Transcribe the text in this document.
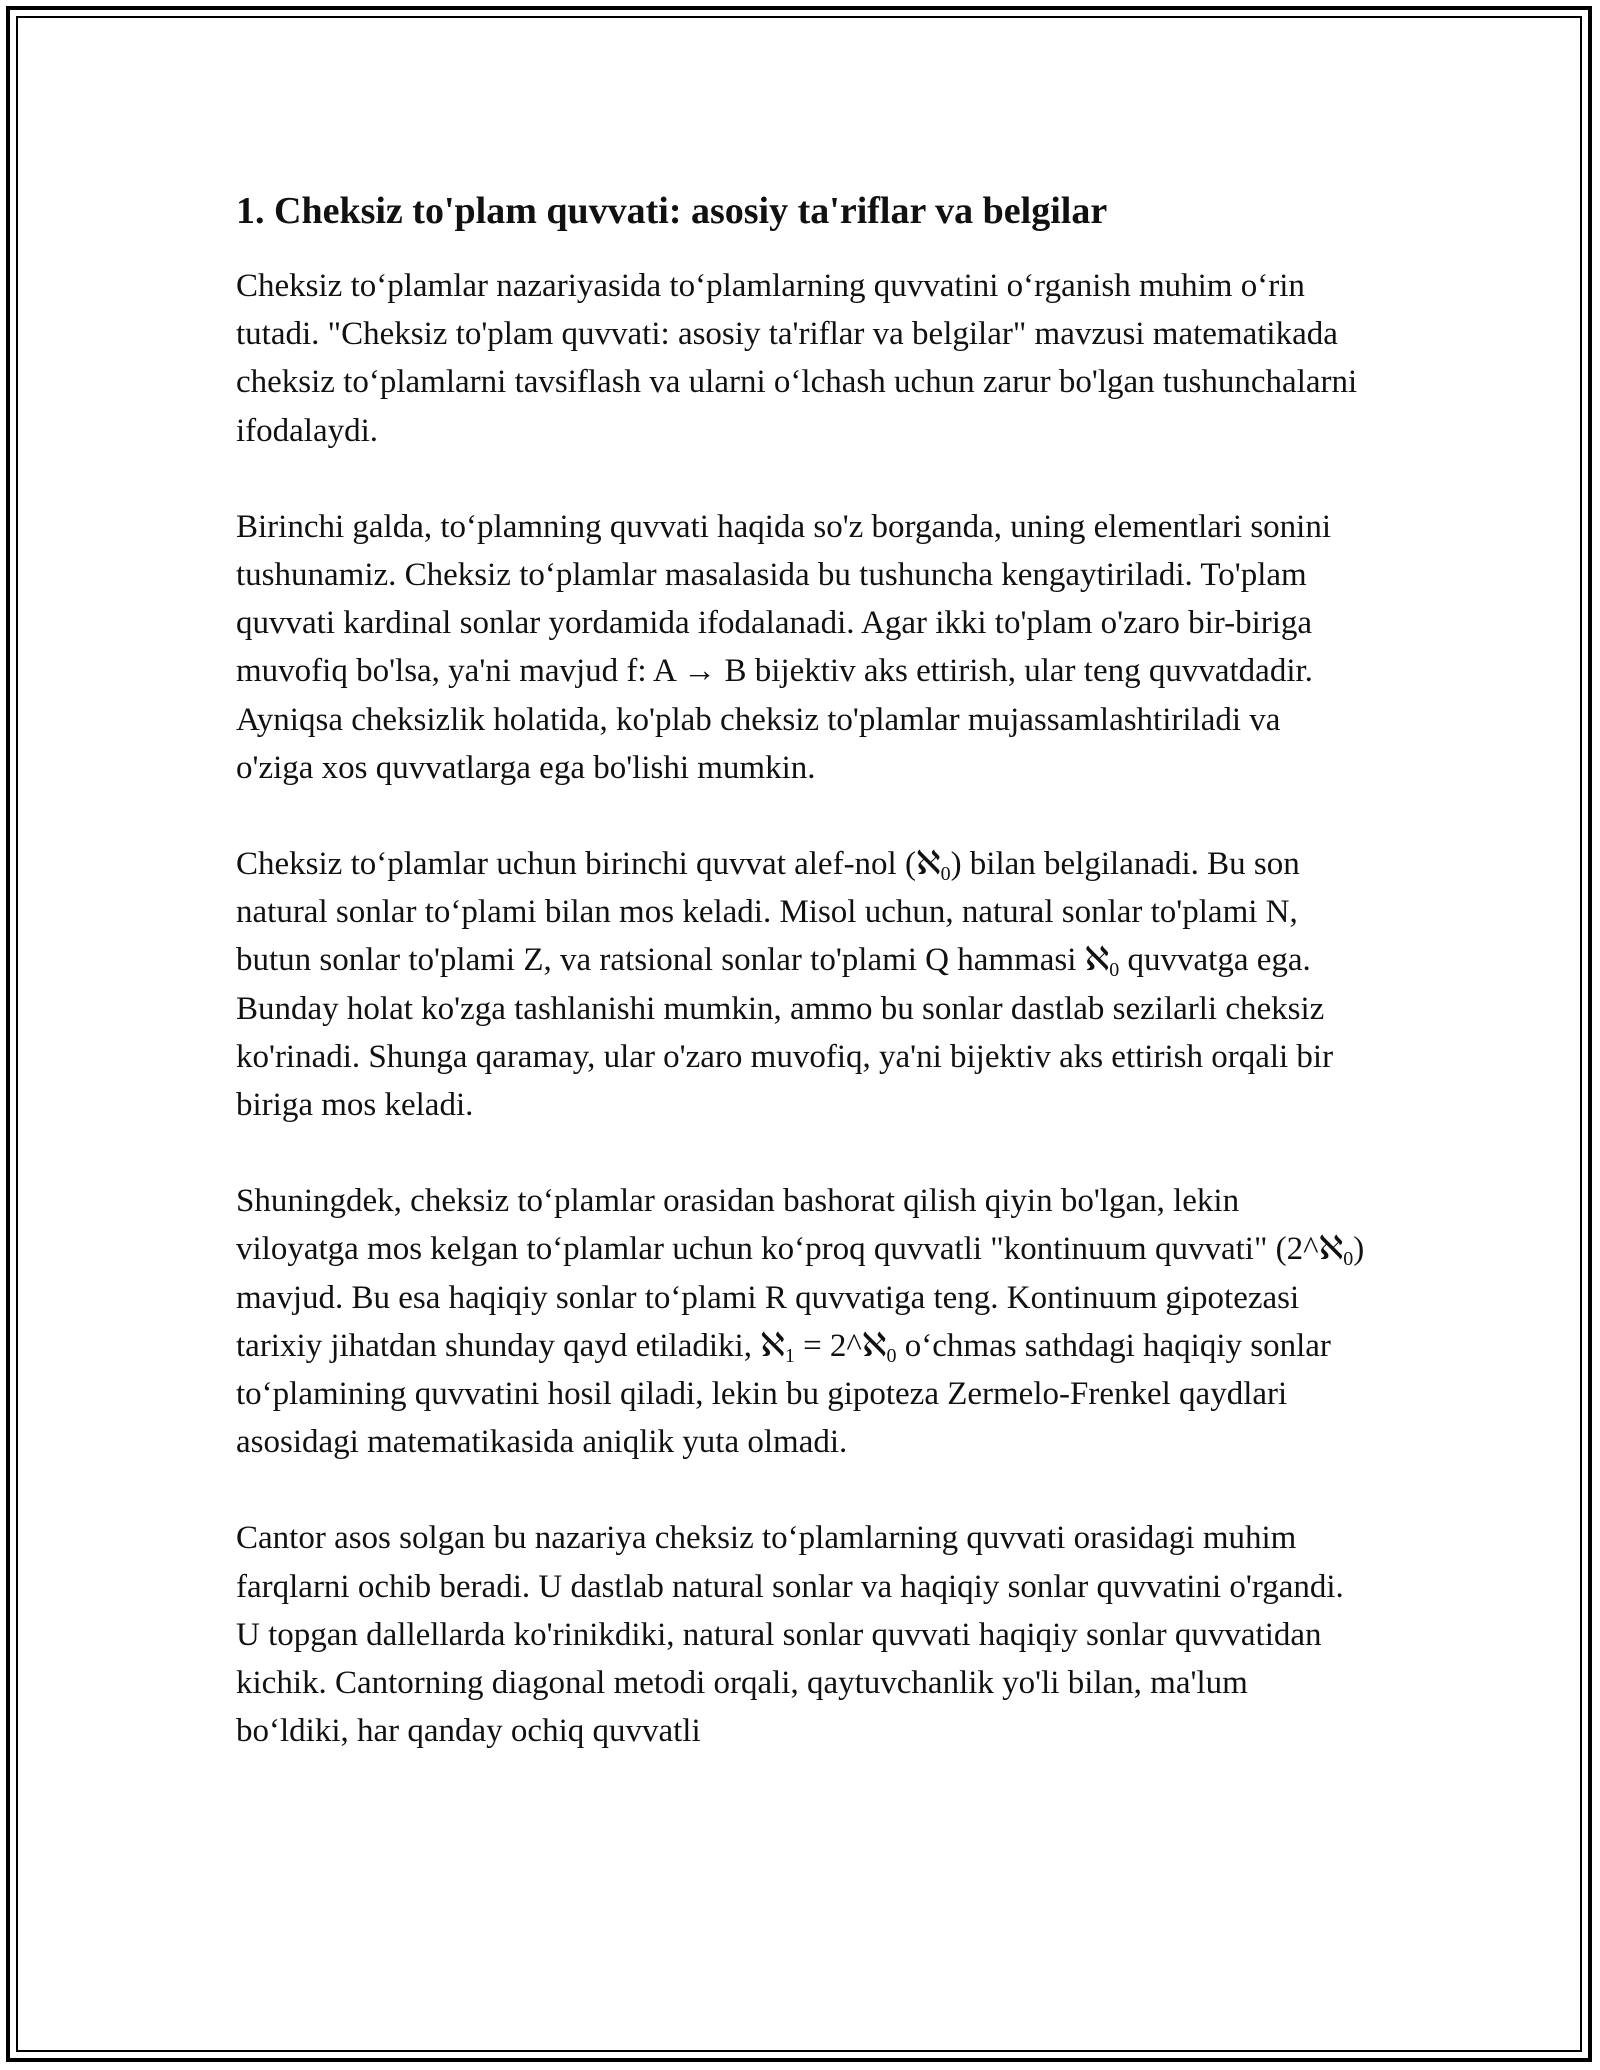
1. Cheksiz to'plam quvvati: asosiy ta'riflar va belgilar

Cheksiz to‘plamlar nazariyasida to‘plamlarning quvvatini o‘rganish muhim o‘rin tutadi. "Cheksiz to'plam quvvati: asosiy ta'riflar va belgilar" mavzusi matematikada cheksiz to‘plamlarni tavsiflash va ularni o‘lchash uchun zarur bo'lgan tushunchalarni ifodalaydi.

Birinchi galda, to‘plamning quvvati haqida so'z borganda, uning elementlari sonini tushunamiz. Cheksiz to‘plamlar masalasida bu tushuncha kengaytiriladi. To'plam quvvati kardinal sonlar yordamida ifodalanadi. Agar ikki to'plam o'zaro bir-biriga muvofiq bo'lsa, ya'ni mavjud f: A → B bijektiv aks ettirish, ular teng quvvatdadir. Ayniqsa cheksizlik holatida, ko'plab cheksiz to'plamlar mujassamlashtiriladi va o'ziga xos quvvatlarga ega bo'lishi mumkin.

Cheksiz to‘plamlar uchun birinchi quvvat alef-nol (ℵ$_0$) bilan belgilanadi. Bu son natural sonlar to‘plami bilan mos keladi. Misol uchun, natural sonlar to'plami N, butun sonlar to'plami Z, va ratsional sonlar to'plami Q hammasi ℵ$_0$ quvvatga ega. Bunday holat ko'zga tashlanishi mumkin, ammo bu sonlar dastlab sezilarli cheksiz ko'rinadi. Shunga qaramay, ular o'zaro muvofiq, ya'ni bijektiv aks ettirish orqali bir biriga mos keladi.

Shuningdek, cheksiz to‘plamlar orasidan bashorat qilish qiyin bo'lgan, lekin viloyatga mos kelgan to‘plamlar uchun ko‘proq quvvatli "kontinuum quvvati" (2^ℵ$_0$) mavjud. Bu esa haqiqiy sonlar to‘plami R quvvatiga teng. Kontinuum gipotezasi tarixiy jihatdan shunday qayd etiladiki, ℵ$_1$ = 2^ℵ$_0$ o‘chmas sathdagi haqiqiy sonlar to‘plamining quvvatini hosil qiladi, lekin bu gipoteza Zermelo-Frenkel qaydlari asosidagi matematikasida aniqlik yuta olmadi.

Cantor asos solgan bu nazariya cheksiz to‘plamlarning quvvati orasidagi muhim farqlarni ochib beradi. U dastlab natural sonlar va haqiqiy sonlar quvvatini o'rgandi. U topgan dallellarda ko'rinikdiki, natural sonlar quvvati haqiqiy sonlar quvvatidan kichik. Cantorning diagonal metodi orqali, qaytuvchanlik yo'li bilan, ma'lum bo‘ldiki, har qanday ochiq quvvatli
